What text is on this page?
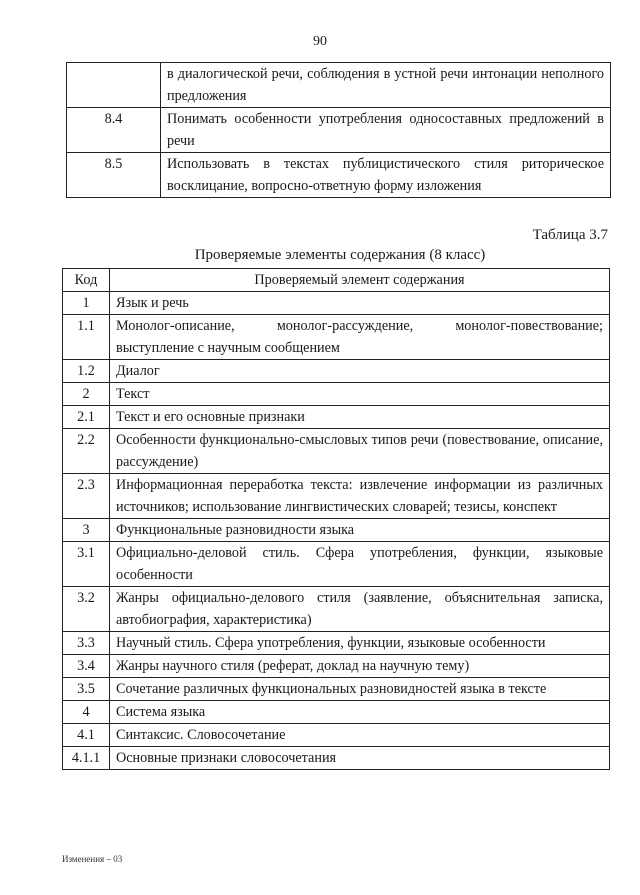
90
	в диалогической речи, соблюдения в устной речи интонации неполного предложения
8.4	Понимать особенности употребления односоставных предложений в речи
8.5	Использовать в текстах публицистического стиля риторическое восклицание, вопросно-ответную форму изложения
Таблица 3.7
Проверяемые элементы содержания (8 класс)
Код	Проверяемый элемент содержания
1	Язык и речь
1.1	Монолог-описание, монолог-рассуждение, монолог-повествование; выступление с научным сообщением
1.2	Диалог
2	Текст
2.1	Текст и его основные признаки
2.2	Особенности функционально-смысловых типов речи (повествование, описание, рассуждение)
2.3	Информационная переработка текста: извлечение информации из различных источников; использование лингвистических словарей; тезисы, конспект
3	Функциональные разновидности языка
3.1	Официально-деловой стиль. Сфера употребления, функции, языковые особенности
3.2	Жанры официально-делового стиля (заявление, объяснительная записка, автобиография, характеристика)
3.3	Научный стиль. Сфера употребления, функции, языковые особенности
3.4	Жанры научного стиля (реферат, доклад на научную тему)
3.5	Сочетание различных функциональных разновидностей языка в тексте
4	Система языка
4.1	Синтаксис. Словосочетание
4.1.1	Основные признаки словосочетания
Изменения – 03
